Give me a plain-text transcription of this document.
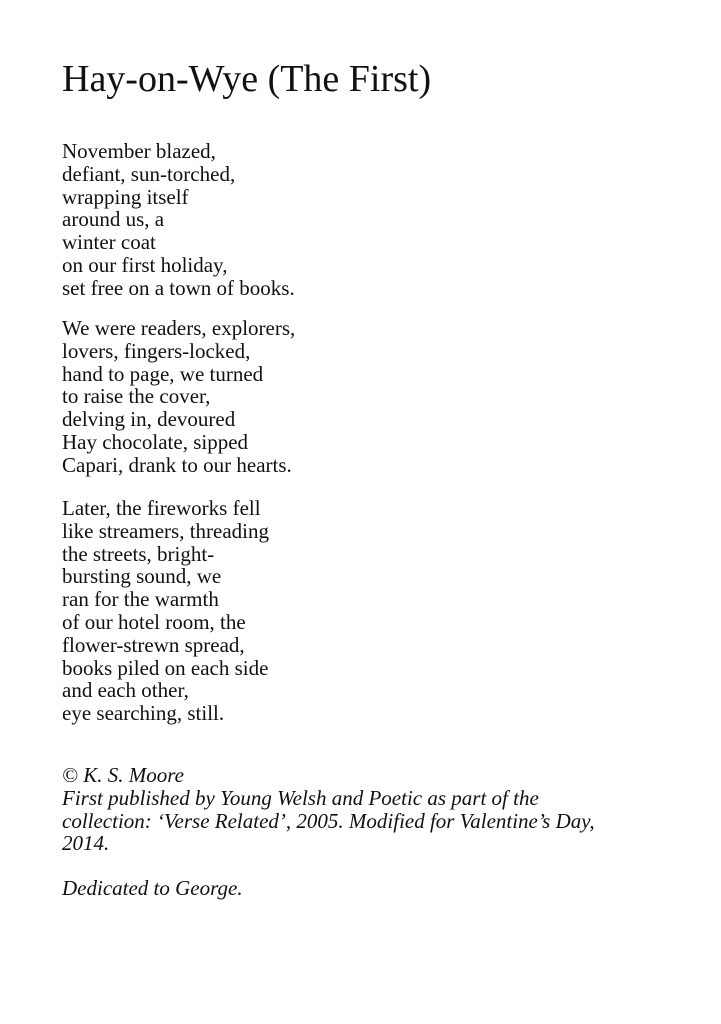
Hay-on-Wye (The First)
November blazed,
defiant, sun-torched,
wrapping itself
around us, a
winter coat
on our first holiday,
set free on a town of books.
We were readers, explorers,
lovers, fingers-locked,
hand to page, we turned
to raise the cover,
delving in, devoured
Hay chocolate, sipped
Capari, drank to our hearts.
Later, the fireworks fell
like streamers, threading
the streets, bright-
bursting sound, we
ran for the warmth
of our hotel room, the
flower-strewn spread,
books piled on each side
and each other,
eye searching, still.
© K. S. Moore
First published by Young Welsh and Poetic as part of the
collection: ‘Verse Related’, 2005. Modified for Valentine’s Day,
2014.
Dedicated to George.
